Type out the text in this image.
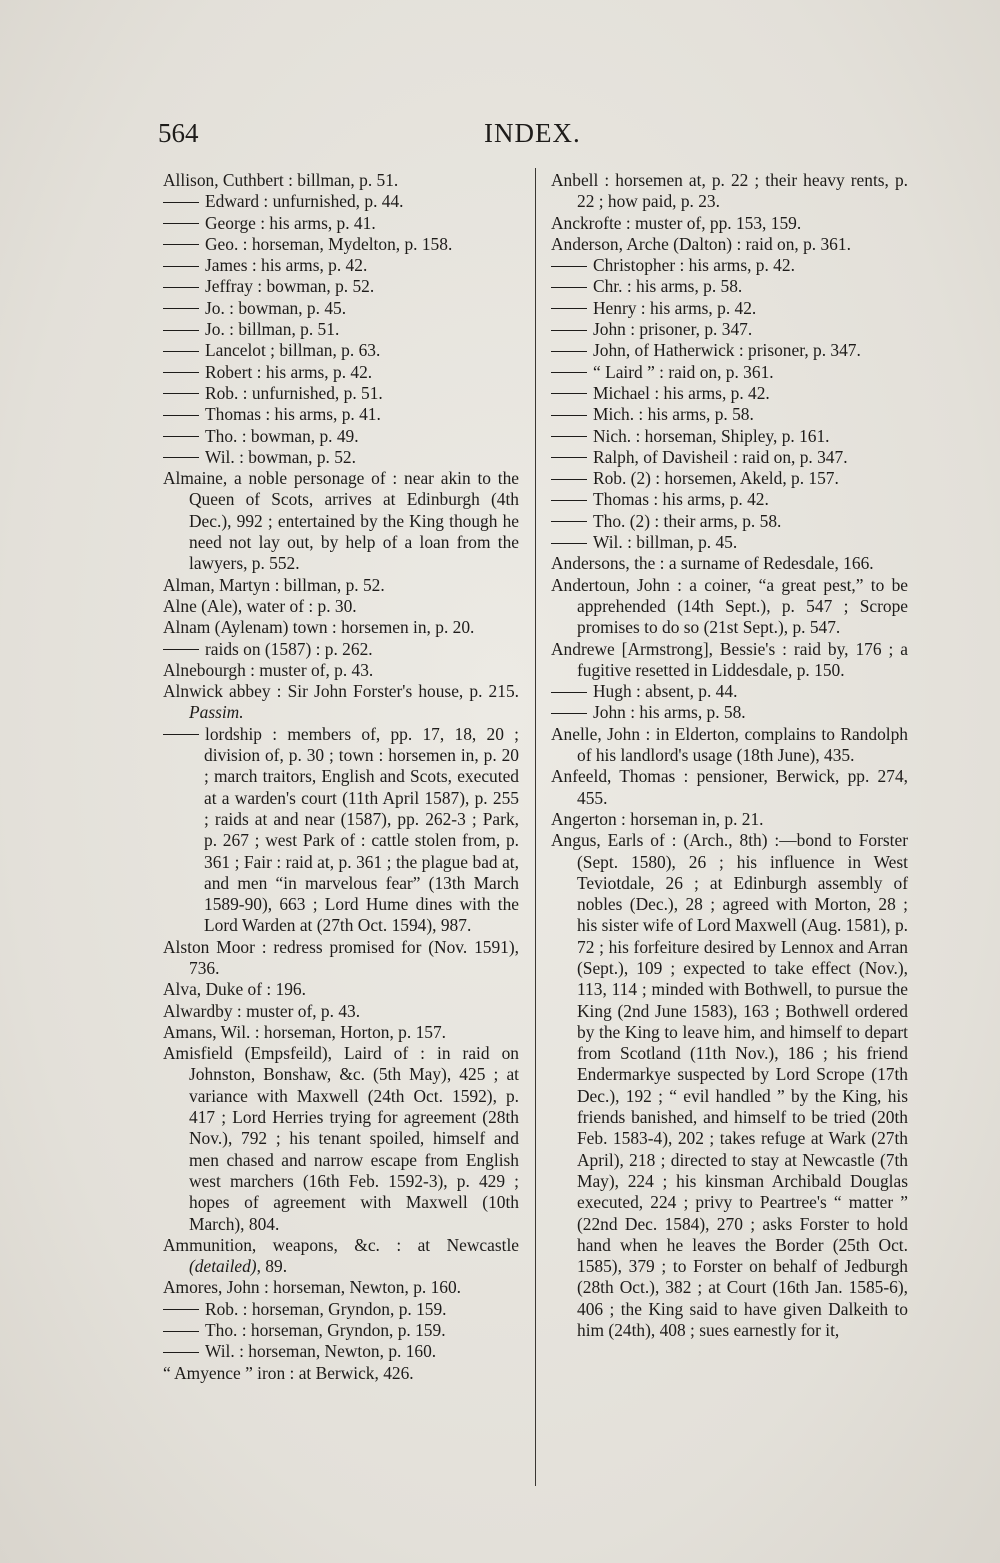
564	INDEX.
Allison, Cuthbert : billman, p. 51.
Edward : unfurnished, p. 44.
George : his arms, p. 41.
Geo. : horseman, Mydelton, p. 158.
James : his arms, p. 42.
Jeffray : bowman, p. 52.
Jo. : bowman, p. 45.
Jo. : billman, p. 51.
Lancelot ; billman, p. 63.
Robert : his arms, p. 42.
Rob. : unfurnished, p. 51.
Thomas : his arms, p. 41.
Tho. : bowman, p. 49.
Wil. : bowman, p. 52.
Almaine, a noble personage of : near akin to the Queen of Scots, arrives at Edinburgh (4th Dec.), 992 ; entertained by the King though he need not lay out, by help of a loan from the lawyers, p. 552.
Alman, Martyn : billman, p. 52.
Alne (Ale), water of : p. 30.
Alnam (Aylenam) town : horsemen in, p. 20.
raids on (1587) : p. 262.
Alnebourgh : muster of, p. 43.
Alnwick abbey : Sir John Forster's house, p. 215. Passim.
lordship : members of, pp. 17, 18, 20 ; division of, p. 30 ; town : horsemen in, p. 20 ; march traitors, English and Scots, executed at a warden's court (11th April 1587), p. 255 ; raids at and near (1587), pp. 262-3 ; Park, p. 267 ; west Park of : cattle stolen from, p. 361 ; Fair : raid at, p. 361 ; the plague bad at, and men “in marvelous fear” (13th March 1589-90), 663 ; Lord Hume dines with the Lord Warden at (27th Oct. 1594), 987.
Alston Moor : redress promised for (Nov. 1591), 736.
Alva, Duke of : 196.
Alwardby : muster of, p. 43.
Amans, Wil. : horseman, Horton, p. 157.
Amisfield (Empsfeild), Laird of : in raid on Johnston, Bonshaw, &c. (5th May), 425 ; at variance with Maxwell (24th Oct. 1592), p. 417 ; Lord Herries trying for agreement (28th Nov.), 792 ; his tenant spoiled, himself and men chased and narrow escape from English west marchers (16th Feb. 1592-3), p. 429 ; hopes of agreement with Maxwell (10th March), 804.
Ammunition, weapons, &c. : at Newcastle (detailed), 89.
Amores, John : horseman, Newton, p. 160.
Rob. : horseman, Gryndon, p. 159.
Tho. : horseman, Gryndon, p. 159.
Wil. : horseman, Newton, p. 160.
“ Amyence ” iron : at Berwick, 426.
Anbell : horsemen at, p. 22 ; their heavy rents, p. 22 ; how paid, p. 23.
Anckrofte : muster of, pp. 153, 159.
Anderson, Arche (Dalton) : raid on, p. 361.
Christopher : his arms, p. 42.
Chr. : his arms, p. 58.
Henry : his arms, p. 42.
John : prisoner, p. 347.
John, of Hatherwick : prisoner, p. 347.
“ Laird ” : raid on, p. 361.
Michael : his arms, p. 42.
Mich. : his arms, p. 58.
Nich. : horseman, Shipley, p. 161.
Ralph, of Davisheil : raid on, p. 347.
Rob. (2) : horsemen, Akeld, p. 157.
Thomas : his arms, p. 42.
Tho. (2) : their arms, p. 58.
Wil. : billman, p. 45.
Andersons, the : a surname of Redesdale, 166.
Andertoun, John : a coiner, “a great pest,” to be apprehended (14th Sept.), p. 547 ; Scrope promises to do so (21st Sept.), p. 547.
Andrewe [Armstrong], Bessie's : raid by, 176 ; a fugitive resetted in Liddesdale, p. 150.
Hugh : absent, p. 44.
John : his arms, p. 58.
Anelle, John : in Elderton, complains to Randolph of his landlord's usage (18th June), 435.
Anfeeld, Thomas : pensioner, Berwick, pp. 274, 455.
Angerton : horseman in, p. 21.
Angus, Earls of : (Arch., 8th) :—bond to Forster (Sept. 1580), 26 ; his influence in West Teviotdale, 26 ; at Edinburgh assembly of nobles (Dec.), 28 ; agreed with Morton, 28 ; his sister wife of Lord Maxwell (Aug. 1581), p. 72 ; his forfeiture desired by Lennox and Arran (Sept.), 109 ; expected to take effect (Nov.), 113, 114 ; minded with Bothwell, to pursue the King (2nd June 1583), 163 ; Bothwell ordered by the King to leave him, and himself to depart from Scotland (11th Nov.), 186 ; his friend Endermarkye suspected by Lord Scrope (17th Dec.), 192 ; “ evil handled ” by the King, his friends banished, and himself to be tried (20th Feb. 1583-4), 202 ; takes refuge at Wark (27th April), 218 ; directed to stay at Newcastle (7th May), 224 ; his kinsman Archibald Douglas executed, 224 ; privy to Peartree's “ matter ” (22nd Dec. 1584), 270 ; asks Forster to hold hand when he leaves the Border (25th Oct. 1585), 379 ; to Forster on behalf of Jedburgh (28th Oct.), 382 ; at Court (16th Jan. 1585-6), 406 ; the King said to have given Dalkeith to him (24th), 408 ; sues earnestly for it,
